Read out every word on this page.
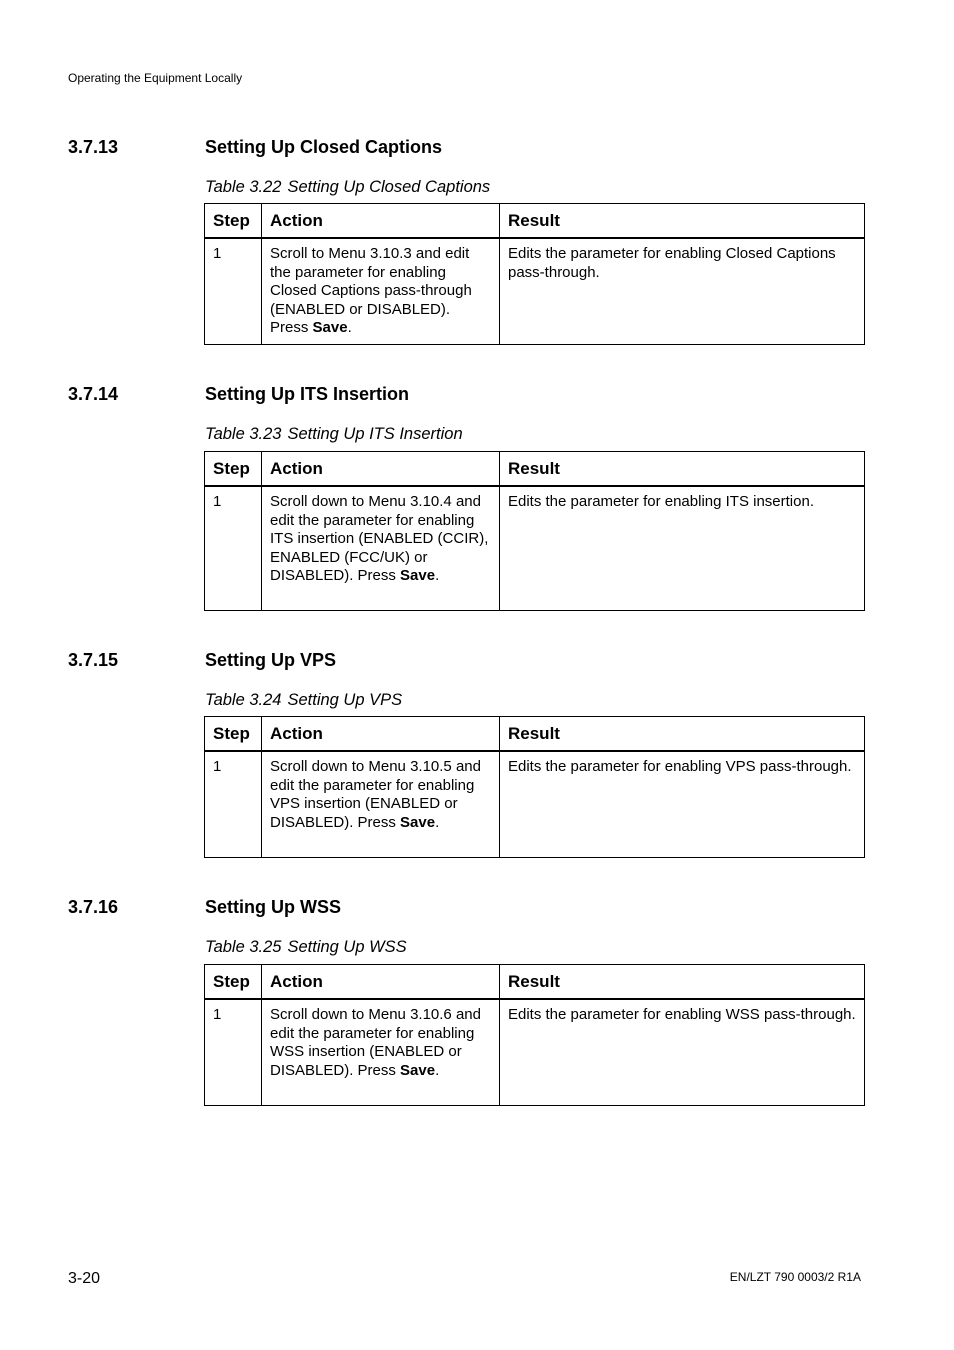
Operating the Equipment Locally
3.7.13	Setting Up Closed Captions
Table 3.22 Setting Up Closed Captions
Step	Action	Result
1	Scroll to Menu 3.10.3 and edit the parameter for enabling Closed Captions pass-through (ENABLED or DISABLED). Press Save.	Edits the parameter for enabling Closed Captions pass-through.
3.7.14	Setting Up ITS Insertion
Table 3.23 Setting Up ITS Insertion
Step	Action	Result
1	Scroll down to Menu 3.10.4 and edit the parameter for enabling ITS insertion (ENABLED (CCIR), ENABLED (FCC/UK) or DISABLED). Press Save.	Edits the parameter for enabling ITS insertion.
3.7.15	Setting Up VPS
Table 3.24 Setting Up VPS
Step	Action	Result
1	Scroll down to Menu 3.10.5 and edit the parameter for enabling VPS insertion (ENABLED or DISABLED). Press Save.	Edits the parameter for enabling VPS pass-through.
3.7.16	Setting Up WSS
Table 3.25 Setting Up WSS
Step	Action	Result
1	Scroll down to Menu 3.10.6 and edit the parameter for enabling WSS insertion (ENABLED or DISABLED). Press Save.	Edits the parameter for enabling WSS pass-through.
3-20	EN/LZT 790 0003/2 R1A
